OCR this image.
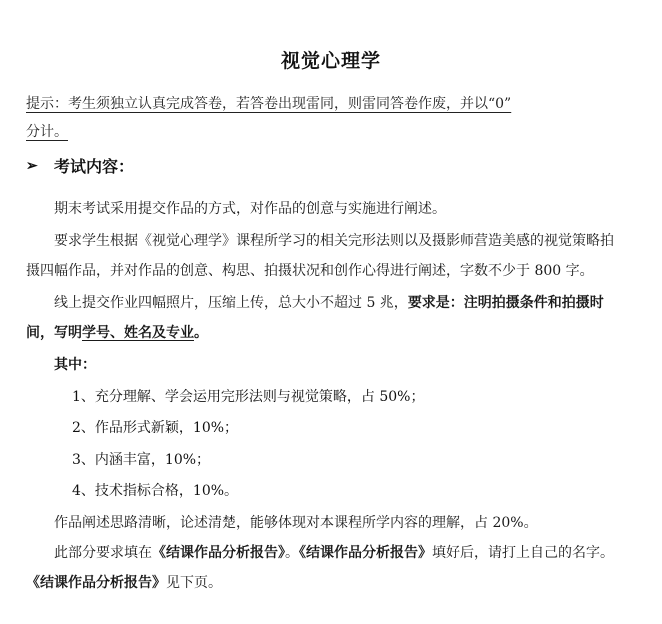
视觉心理学
提示：考生须独立认真完成答卷，若答卷出现雷同，则雷同答卷作废，并以“0”
分计。
➢ 考试内容：
期末考试采用提交作品的方式，对作品的创意与实施进行阐述。
要求学生根据《视觉心理学》课程所学习的相关完形法则以及摄影师营造美感的视觉策略拍摄四幅作品，并对作品的创意、构思、拍摄状况和创作心得进行阐述，字数不少于 800 字。
线上提交作业四幅照片，压缩上传，总大小不超过 5 兆，要求是：注明拍摄条件和拍摄时间，写明学号、姓名及专业。
其中：
1、充分理解、学会运用完形法则与视觉策略，占 50%；
2、作品形式新颖，10%；
3、内涵丰富，10%；
4、技术指标合格，10%。
作品阐述思路清晰，论述清楚，能够体现对本课程所学内容的理解，占 20%。
此部分要求填在《结课作品分析报告》。《结课作品分析报告》填好后，请打上自己的名字。《结课作品分析报告》见下页。
